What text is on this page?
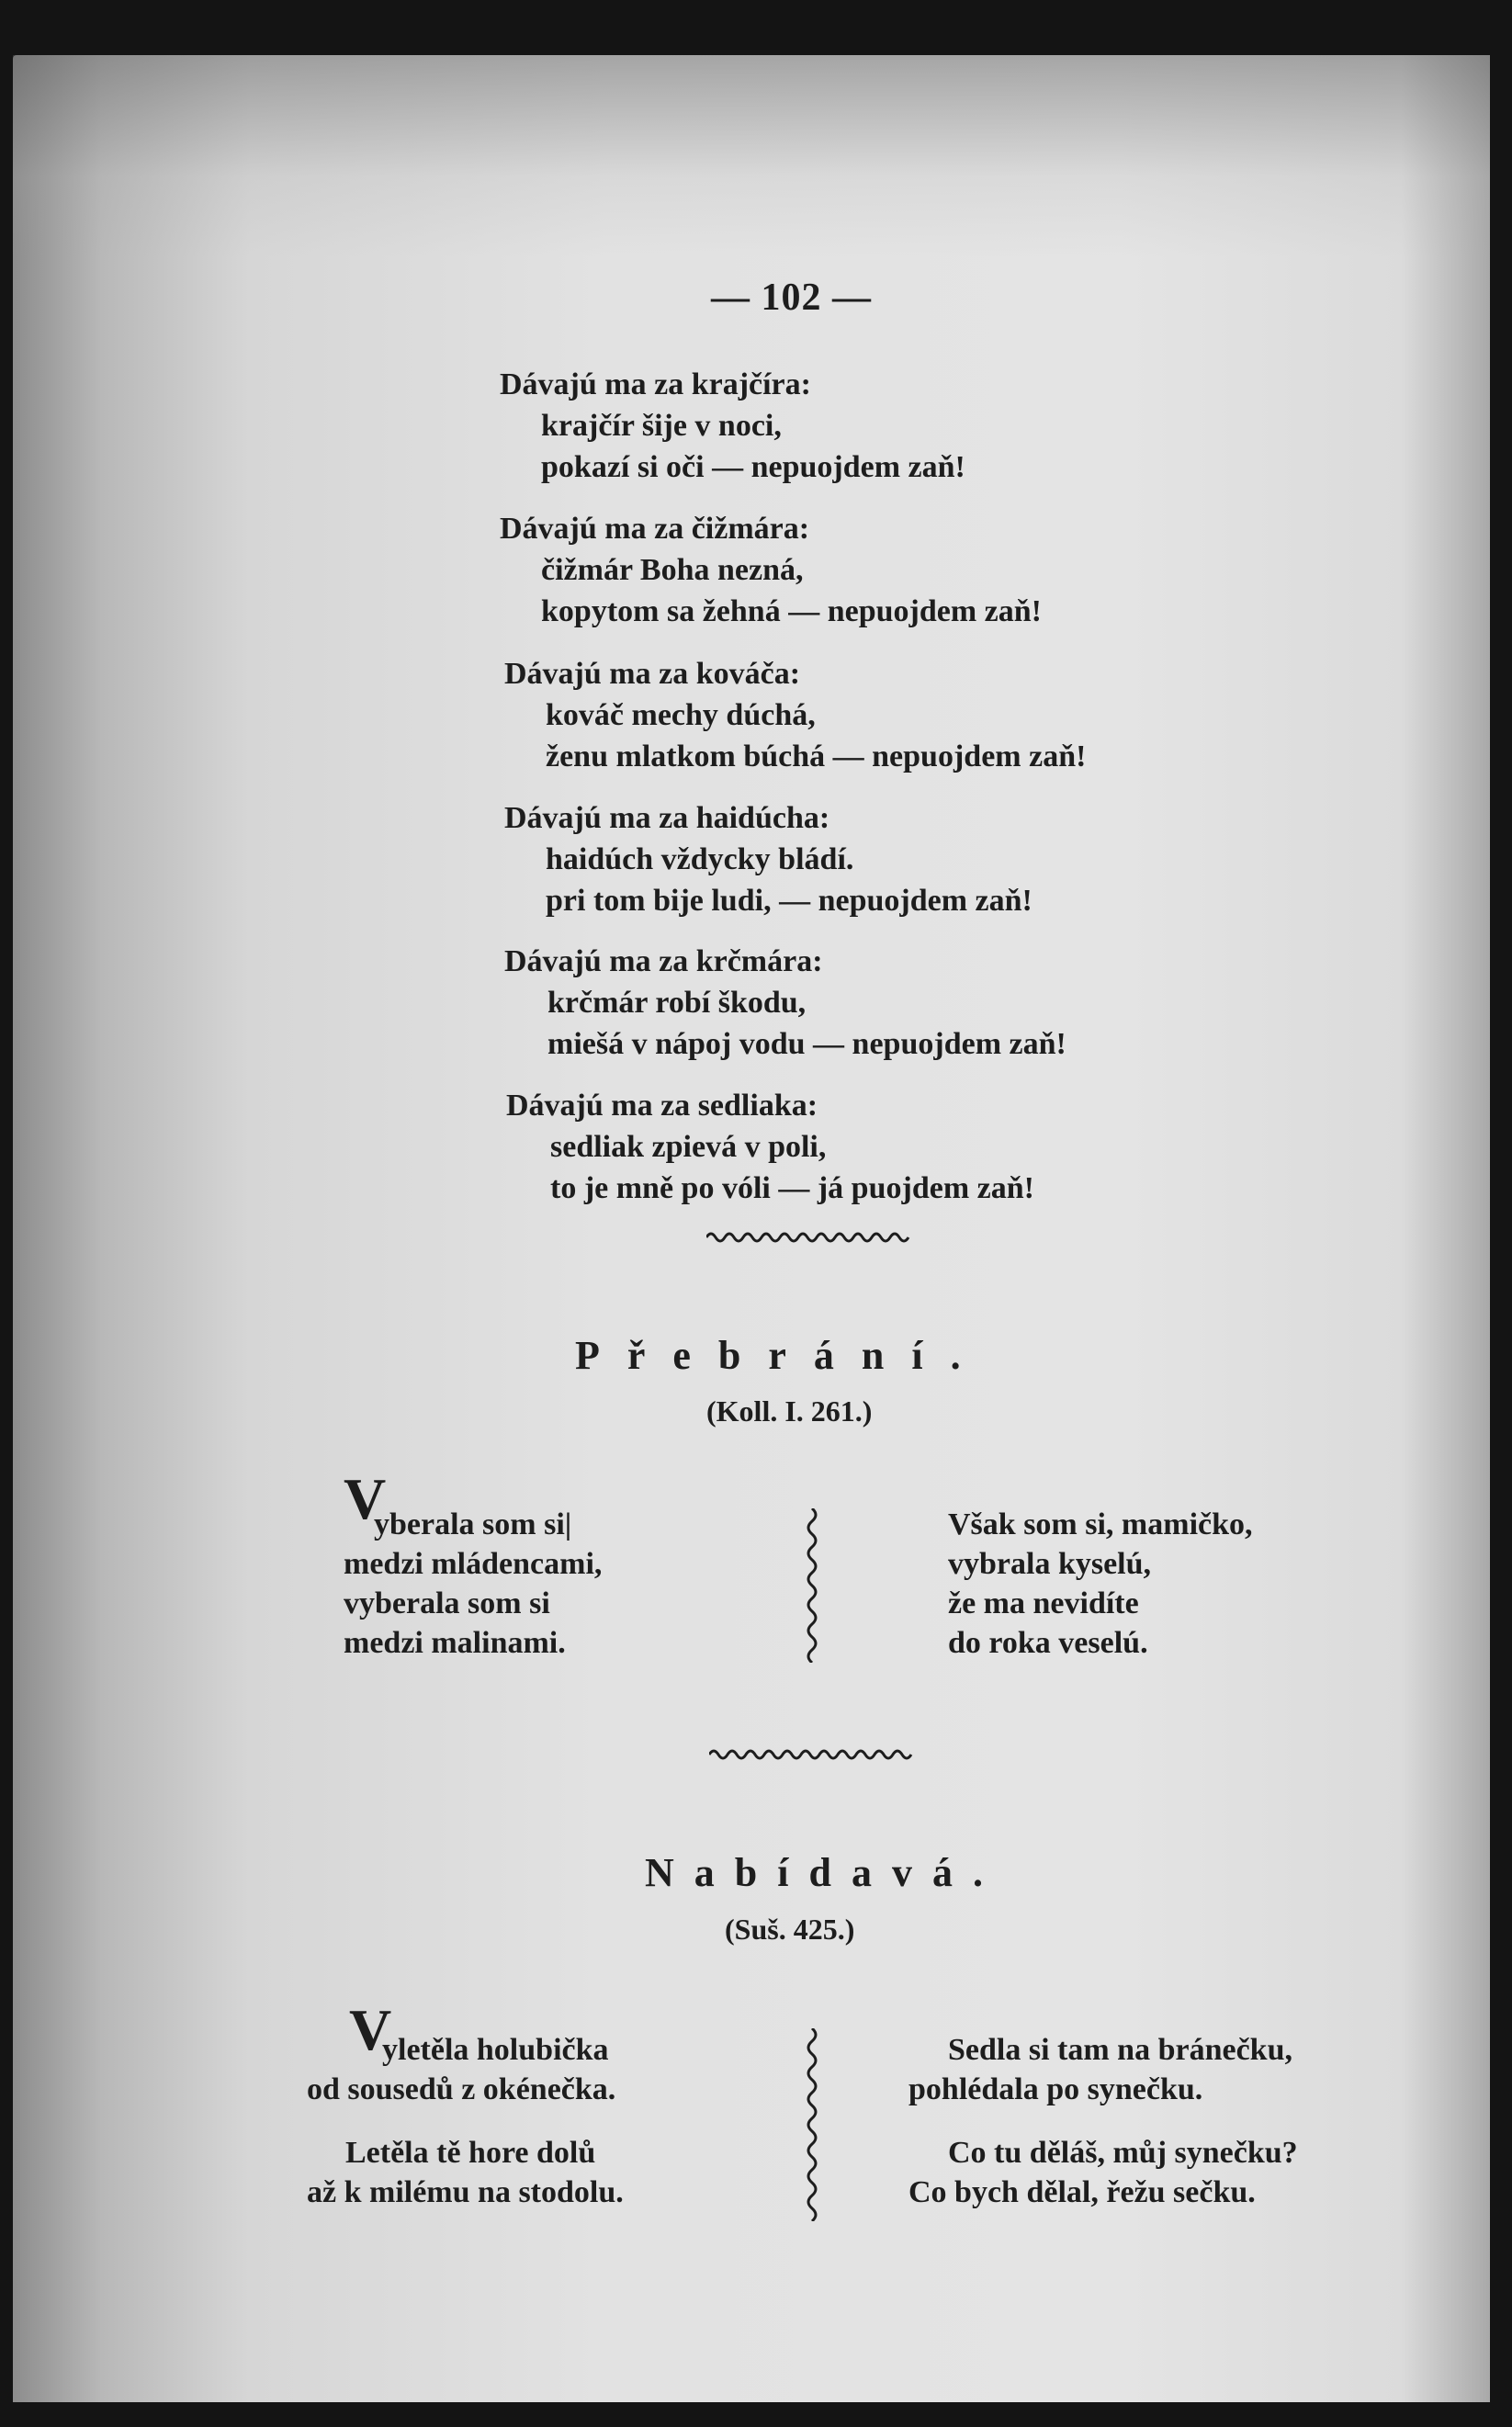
— 102 —
Dávajú ma za krajčíra:
krajčír šije v noci,
pokazí si oči — nepuojdem zaň!
Dávajú ma za čižmára:
čižmár Boha nezná,
kopytom sa žehná — nepuojdem zaň!
Dávajú ma za kováča:
kováč mechy dúchá,
ženu mlatkom búchá — nepuojdem zaň!
Dávajú ma za haidúcha:
haidúch vždycky bládí.
pri tom bije ludi, — nepuojdem zaň!
Dávajú ma za krčmára:
krčmár robí škodu,
miešá v nápoj vodu — nepuojdem zaň!
Dávajú ma za sedliaka:
sedliak zpievá v poli,
to je mně po vóli — já puojdem zaň!
Přebrání.
(Koll. I. 261.)
V
yberala som si|
medzi mládencami,
vyberala som si
medzi malinami.
Však som si, mamičko,
vybrala kyselú,
že ma nevidíte
do roka veselú.
Nabídavá.
(Suš. 425.)
V
yletěla holubička
od sousedů z okénečka.
Letěla tě hore dolů
až k milému na stodolu.
Sedla si tam na bránečku,
pohlédala po synečku.
Co tu děláš, můj synečku?
Co bych dělal, řežu sečku.
